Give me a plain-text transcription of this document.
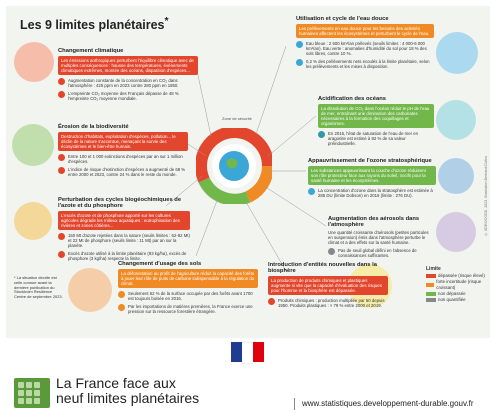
Les 9 limites planétaires*
Zone de sécurité
Changement climatique
Les émissions anthropiques perturbent l'équilibre climatique avec de multiples conséquences : hausse des températures, événements climatiques extrêmes, montée des océans, disparition d'espèces...
Augmentation constante de la concentration en CO₂ dans l'atmosphère : 425 ppm en 2023 contre 280 ppm en 1850.
L'empreinte CO₂ moyenne des Français dépasse de 48 % l'empreinte CO₂ moyenne mondiale.
Érosion de la biodiversité
Destruction d'habitats, exploitation d'espèces, pollution... le déclin de la nature s'accentue, menaçant la survie des écosystèmes et le bien-être humain.
Entre 100 et 1 000 extinctions d'espèces par an sur 1 million d'espèces.
L'indice de risque d'extinction d'espèces a augmenté de 68 % entre 2000 et 2023, contre 24 % dans le reste du monde.
Perturbation des cycles biogéochimiques de l'azote et du phosphore
L'excès d'azote et de phosphore apporté sur les cultures agricoles dégrade les milieux aquatiques : eutrophisation des rivières et zones côtières...
150 Mt d'azote rejetées dans la nature (seuils limites : 62-82 Mt) et 22 Mt de phosphore (seuils limite : 11 Mt) par an sur la planète.
Excès d'azote utilisé à la limite planétaire (93 kg/ha), excès de phosphore (3 kg/ha) respecte la limite.
Changement d'usage des sols
La déforestation au profit de l'agriculture réduit la capacité des forêts à jouer leur rôle de puits de carbone indispensable à la régulation du climat.
Seulement 62 % de la surface occupée par des forêts avant 1700 est toujours boisée en 2016.
Par les importations de matières premières, la France exerce une pression sur la ressource forestière étrangère.
Utilisation et cycle de l'eau douce
Les prélèvements en eau douce pour les besoins des activités humaines affectent les écosystèmes et perturbent le cycle de l'eau.
Eau bleue : 2 600 km³/an prélevés (seuils limites : 4 000-6 000 km³/an). Eau verte : anomalies d'humidité du sol pour 18 % des sols libres, contre 10 %.
0,2 % des prélèvements nets ecoulés à la limite planétaire, selon les prélèvements et les mises à disposition.
Acidification des océans
La dissolution de CO₂ dans l'océan réduit le pH de l'eau de mer, entraînant une diminution des carbonates nécessaires à la formation des coquillages et organismes.
En 2016, l'état de saturation de l'eau de mer en aragonite est estimé à 82 % de sa valeur préindustrielle.
Appauvrissement de l'ozone stratosphérique
Les substances appauvrissant la couche d'ozone réduisent son rôle protecteur face aux rayons du soleil, nocifs pour la santé humaine et les écosystèmes.
La concentration d'ozone dans la stratosphère est estimée à 285 DU (limite Dobson) en 2016 (limite : 276 DU).
Augmentation des aérosols dans l'atmosphère
Une quantité croissante d'aérosols (petites particules en suspension) émis dans l'atmosphère perturbe le climat et a des effets sur la santé humaine.
Pas de seuil global défini en l'absence de connaissances suffisantes.
Introduction d'entités nouvelles dans la biosphère
La production de produits chimiques et plastiques augmente si vite que la capacité d'évaluation des risques pour l'homme et la biosphère est dépassée.
Produits chimiques : production multipliée par 50 depuis 1950. Produits plastiques : × 79 % entre 2000 et 2019.
* La situation décrite est celle connue avant la dernière publication du Stockholm Resilience Centre de septembre 2023.
Limite
dépassée (risque élevé)
forte incertitude (risque croissant)
non dépassée
non quantifiée
© SDES/CGDD, 2023. Illustration Bertrand Dufeu
La France face aux
neuf limites planétaires	www.statistiques.developpement-durable.gouv.fr
